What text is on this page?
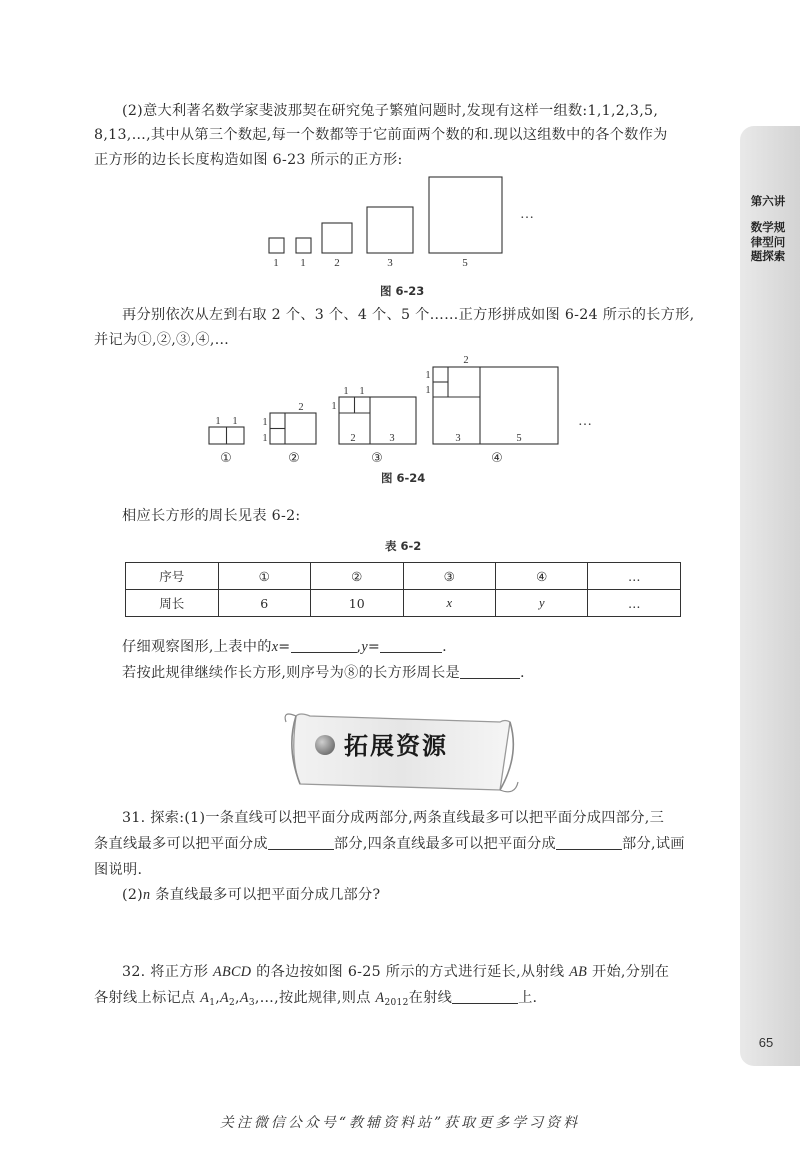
第六讲
数学规律型问题探索
(2)意大利著名数学家斐波那契在研究兔子繁殖问题时,发现有这样一组数:1,1,2,3,5,
8,13,…,其中从第三个数起,每一个数都等于它前面两个数的和.现以这组数中的各个数作为
正方形的边长长度构造如图 6-23 所示的正方形:
1 1	2	3	5
…
图 6-23
再分别依次从左到右取 2 个、3 个、4 个、5 个……正方形拼成如图 6-24 所示的长方形,
并记为①,②,③,④,…
1 1
2
1
1
1 1
1
2	3
2
1
1
3	5
…
①	②	③	④
图 6-24
相应长方形的周长见表 6-2:
表 6-2
序号	①	②	③	④	…
周长	6	10	x	y	…
仔细观察图形,上表中的x=	,y=	.
若按此规律继续作长方形,则序号为⑧的长方形周长是	.
拓展资源
31. 探索:(1)一条直线可以把平面分成两部分,两条直线最多可以把平面分成四部分,三
条直线最多可以把平面分成	部分,四条直线最多可以把平面分成	部分,试画
图说明.
(2)n 条直线最多可以把平面分成几部分?
32. 将正方形 ABCD 的各边按如图 6-25 所示的方式进行延长,从射线 AB 开始,分别在
各射线上标记点 $A_1,A_2,A_3,\dots$,按此规律,则点 $A_{2012}$在射线	上.
65
关注微信公众号“教辅资料站”获取更多学习资料
